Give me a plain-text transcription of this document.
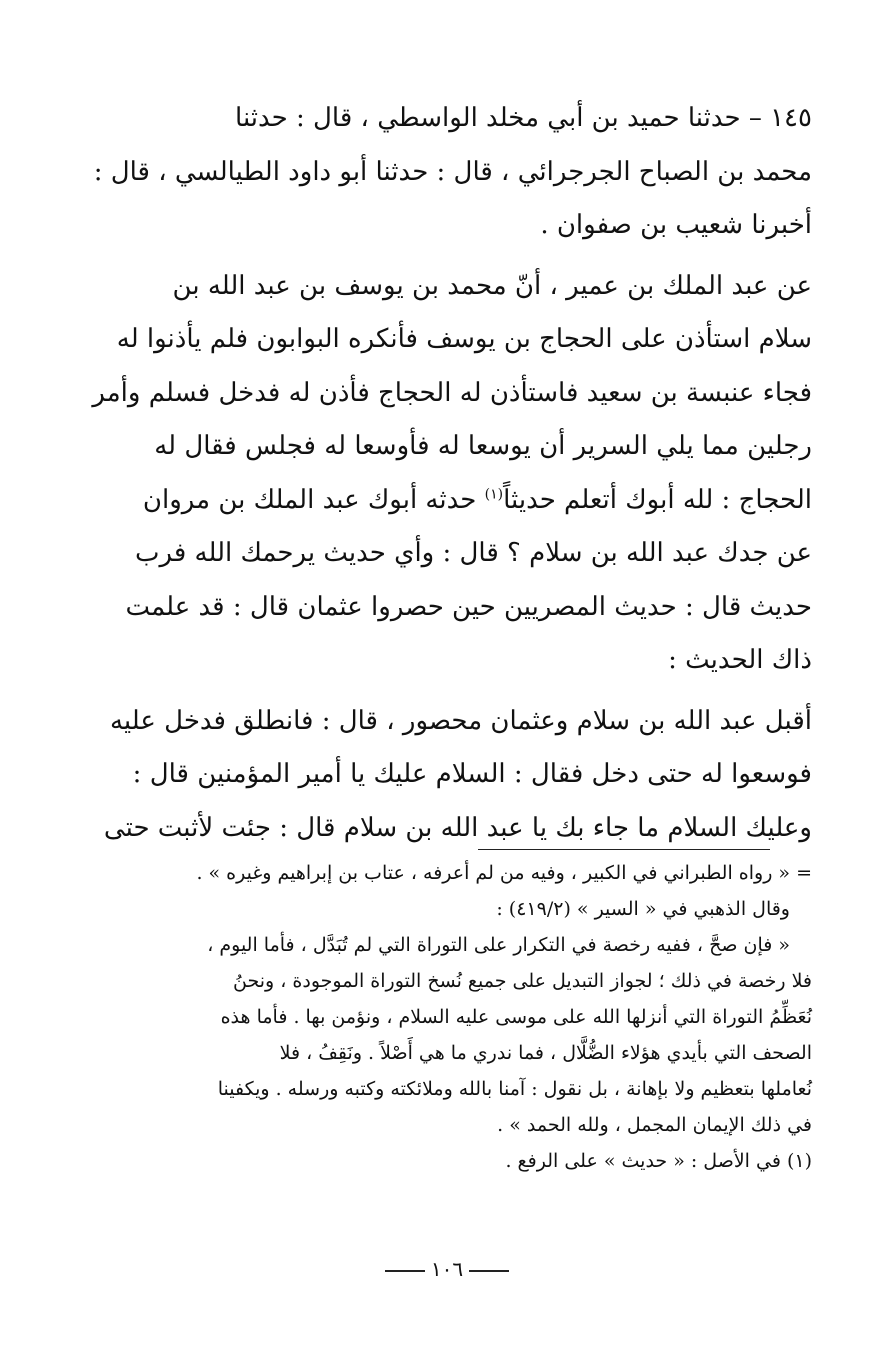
١٤٥ – حدثنا حميد بن أبي مخلد الواسطي ، قال : حدثنا

محمد بن الصباح الجرجرائي ، قال : حدثنا أبو داود الطيالسي ، قال :

أخبرنا شعيب بن صفوان .

عن عبد الملك بن عمير ، أنّ محمد بن يوسف بن عبد الله بن

سلام استأذن على الحجاج بن يوسف فأنكره البوابون فلم يأذنوا له

فجاء عنبسة بن سعيد فاستأذن له الحجاج فأذن له فدخل فسلم وأمر

رجلين مما يلي السرير أن يوسعا له فأوسعا له فجلس فقال له

الحجاج : لله أبوك أتعلم حديثاً$^{(١)}$ حدثه أبوك عبد الملك بن مروان

عن جدك عبد الله بن سلام ؟ قال : وأي حديث يرحمك الله فرب

حديث قال : حديث المصريين حين حصروا عثمان قال : قد علمت

ذاك الحديث :

أقبل عبد الله بن سلام وعثمان محصور ، قال : فانطلق فدخل عليه

فوسعوا له حتى دخل فقال : السلام عليك يا أمير المؤمنين قال :

وعليك السلام ما جاء بك يا عبد الله بن سلام قال : جئت لأثبت حتى

= « رواه الطبراني في الكبير ، وفيه من لم أعرفه ، عتاب بن إبراهيم وغيره » .

وقال الذهبي في « السير » (٤١٩/٢) :

« فإن صحَّ ، ففيه رخصة في التكرار على التوراة التي لم تُبَدَّل ، فأما اليوم ،

فلا رخصة في ذلك ؛ لجواز التبديل على جميع نُسخ التوراة الموجودة ، ونحنُ

نُعَظِّمُ التوراة التي أنزلها الله على موسى عليه السلام ، ونؤمن بها . فأما هذه

الصحف التي بأيدي هؤلاء الضُّلَّال ، فما ندري ما هي أَصْلاً . ونَقِفُ ، فلا

نُعاملها بتعظيم ولا بإهانة ، بل نقول : آمنا بالله وملائكته وكتبه ورسله . ويكفينا

في ذلك الإيمان المجمل ، ولله الحمد » .

(١) في الأصل : « حديث » على الرفع .

١٠٦
